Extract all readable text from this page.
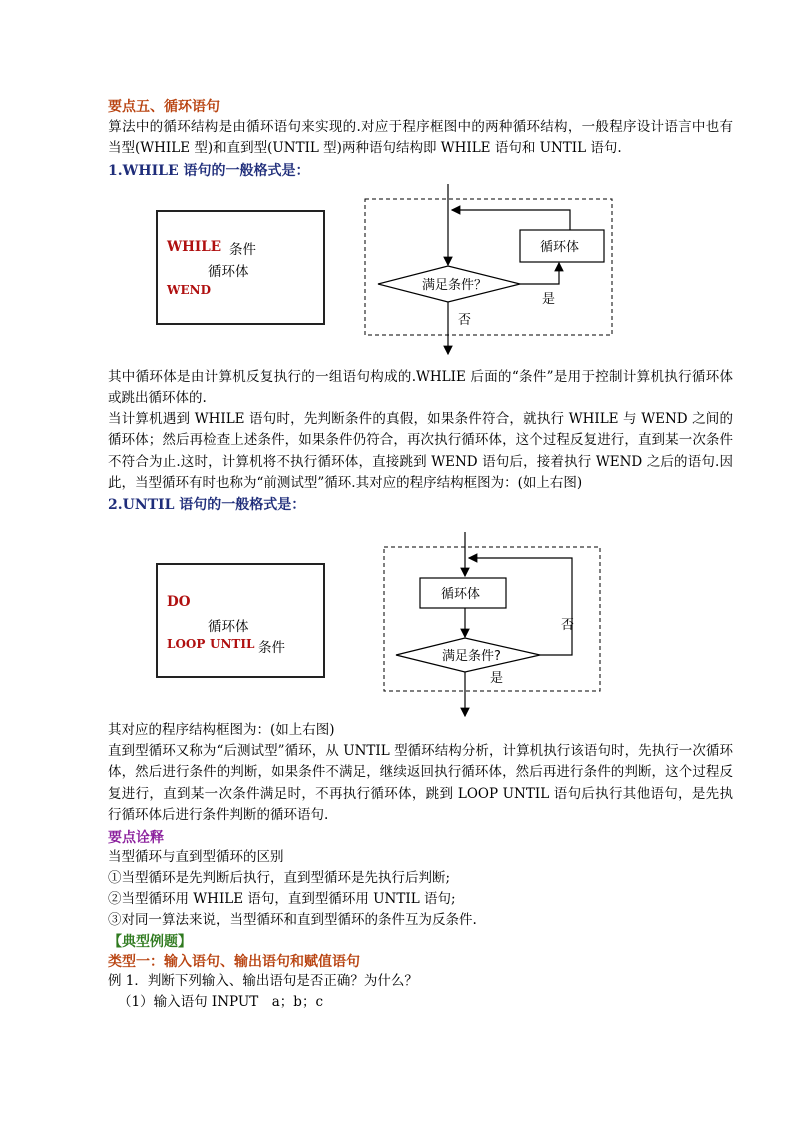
要点五、循环语句
算法中的循环结构是由循环语句来实现的.对应于程序框图中的两种循环结构，一般程序设计语言中也有当型(WHILE 型)和直到型(UNTIL 型)两种语句结构即 WHILE 语句和 UNTIL 语句.
1.WHILE 语句的一般格式是：
WHILE 条件
循环体
WEND	满足条件？
是
循环体
否
其中循环体是由计算机反复执行的一组语句构成的.WHLIE 后面的“条件”是用于控制计算机执行循环体或跳出循环体的.
当计算机遇到 WHILE 语句时，先判断条件的真假，如果条件符合，就执行 WHILE 与 WEND 之间的循环体；然后再检查上述条件，如果条件仍符合，再次执行循环体，这个过程反复进行，直到某一次条件不符合为止.这时，计算机将不执行循环体，直接跳到 WEND 语句后，接着执行 WEND 之后的语句.因此，当型循环有时也称为“前测试型”循环.其对应的程序结构框图为：(如上右图)
2.UNTIL 语句的一般格式是：
DO
循环体
LOOP UNTIL 条件
循环体
满足条件?
否
是
其对应的程序结构框图为：(如上右图)
直到型循环又称为“后测试型”循环，从 UNTIL 型循环结构分析，计算机执行该语句时，先执行一次循环体，然后进行条件的判断，如果条件不满足，继续返回执行循环体，然后再进行条件的判断，这个过程反复进行，直到某一次条件满足时，不再执行循环体，跳到 LOOP UNTIL 语句后执行其他语句，是先执行循环体后进行条件判断的循环语句.
要点诠释
当型循环与直到型循环的区别
①当型循环是先判断后执行，直到型循环是先执行后判断;
②当型循环用 WHILE 语句，直到型循环用 UNTIL 语句;
③对同一算法来说，当型循环和直到型循环的条件互为反条件.
【典型例题】
类型一：输入语句、输出语句和赋值语句
例 1．判断下列输入、输出语句是否正确？为什么？
（1）输入语句 INPUT　a；b；c
